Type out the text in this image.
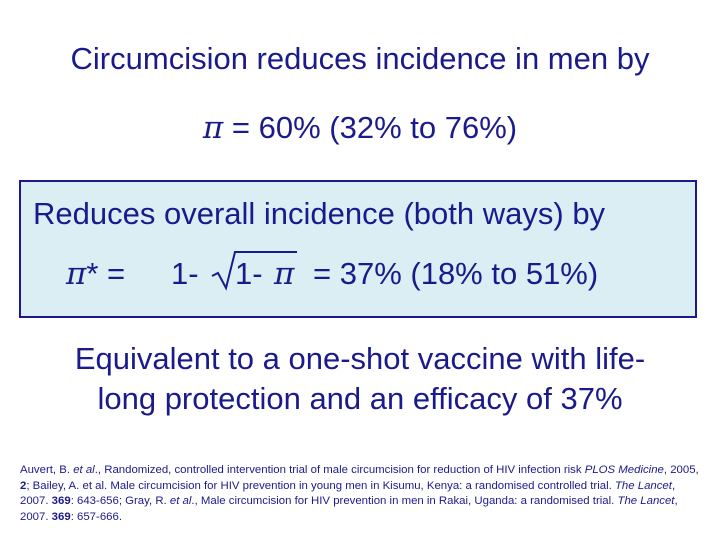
Circumcision reduces incidence in men by
π = 60% (32% to 76%)
Reduces overall incidence (both ways) by
π* = 1- 1- π = 37% (18% to 51%)
Equivalent to a one-shot vaccine with life-
long protection and an efficacy of 37%
Auvert, B. et al., Randomized, controlled intervention trial of male circumcision for reduction of HIV infection risk PLOS Medicine, 2005, 2; Bailey, A. et al. Male circumcision for HIV prevention in young men in Kisumu, Kenya: a randomised controlled trial. The Lancet, 2007. 369: 643-656; Gray, R. et al., Male circumcision for HIV prevention in men in Rakai, Uganda: a randomised trial. The Lancet, 2007. 369: 657-666.
